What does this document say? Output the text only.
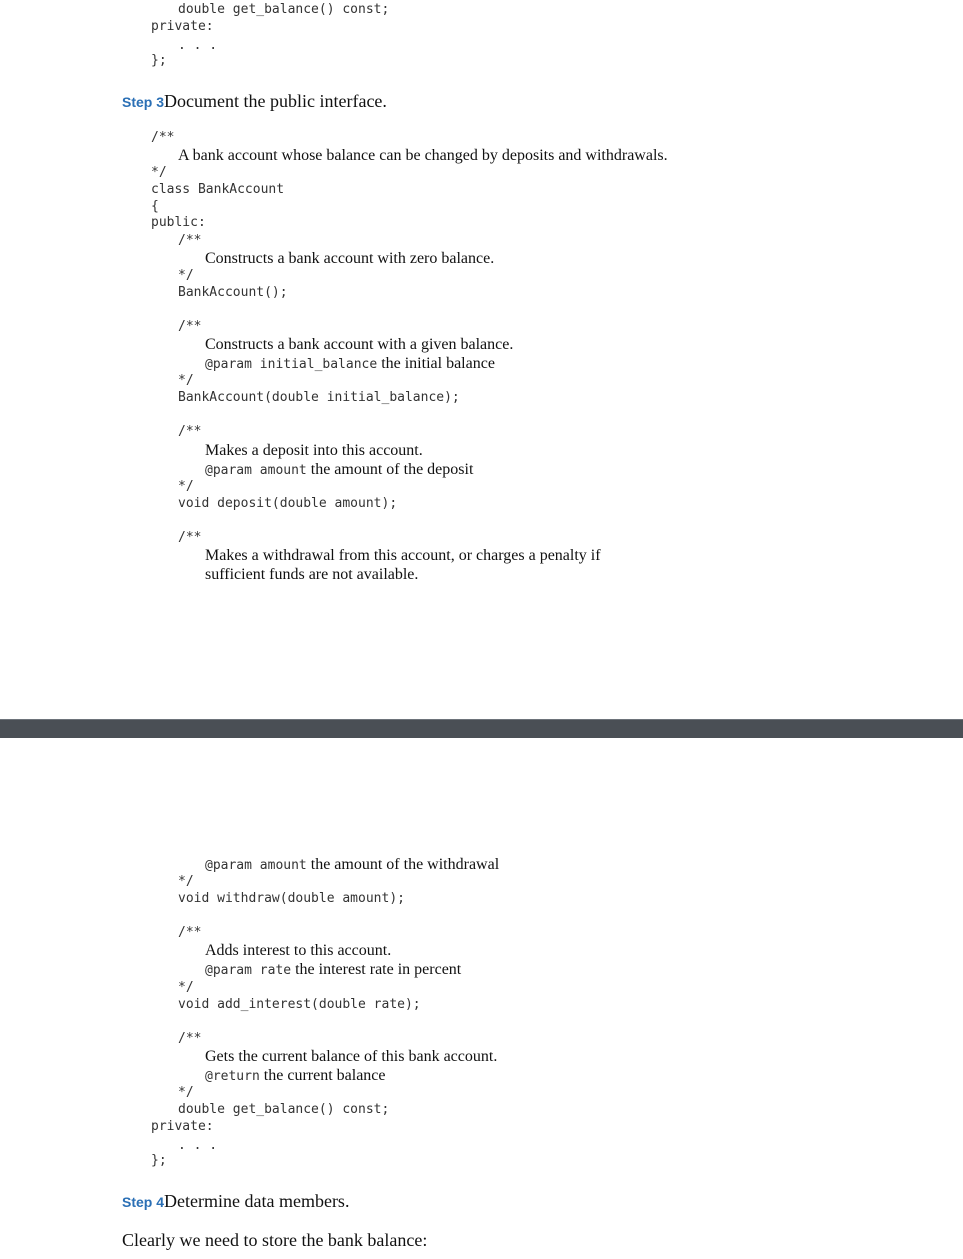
double get_balance() const;
private:
. . .
};
Step 3Document the public interface.
/**
A bank account whose balance can be changed by deposits and withdrawals.
*/
class BankAccount
{
public:
/**
Constructs a bank account with zero balance.
*/
BankAccount();
/**
Constructs a bank account with a given balance.
@param initial_balance the initial balance
*/
BankAccount(double initial_balance);
/**
Makes a deposit into this account.
@param amount the amount of the deposit
*/
void deposit(double amount);
/**
Makes a withdrawal from this account, or charges a penalty if
sufficient funds are not available.
@param amount the amount of the withdrawal
*/
void withdraw(double amount);
/**
Adds interest to this account.
@param rate the interest rate in percent
*/
void add_interest(double rate);
/**
Gets the current balance of this bank account.
@return the current balance
*/
double get_balance() const;
private:
. . .
};
Step 4Determine data members.
Clearly we need to store the bank balance:
